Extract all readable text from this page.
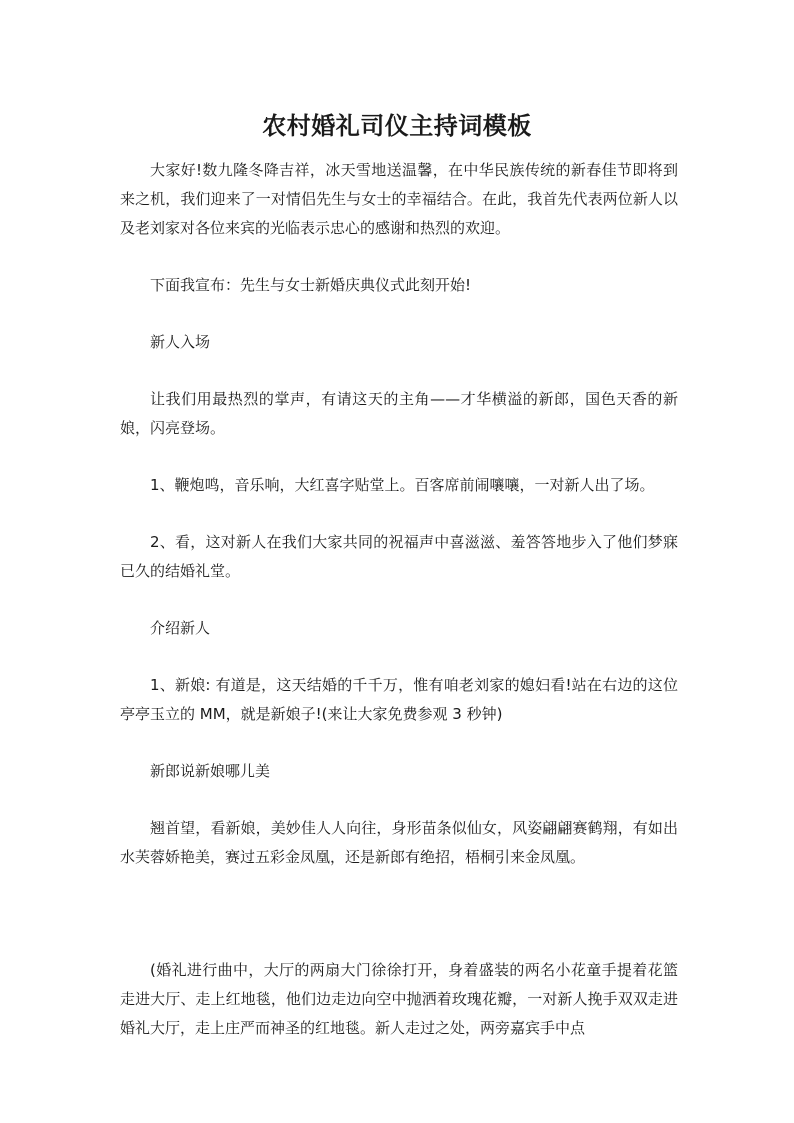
农村婚礼司仪主持词模板

大家好!数九隆冬降吉祥，冰天雪地送温馨，在中华民族传统的新春佳节即将到来之机，我们迎来了一对情侣先生与女士的幸福结合。在此，我首先代表两位新人以及老刘家对各位来宾的光临表示忠心的感谢和热烈的欢迎。

下面我宣布：先生与女士新婚庆典仪式此刻开始!

新人入场

让我们用最热烈的掌声，有请这天的主角——才华横溢的新郎，国色天香的新娘，闪亮登场。

1、鞭炮鸣，音乐响，大红喜字贴堂上。百客席前闹嚷嚷，一对新人出了场。

2、看，这对新人在我们大家共同的祝福声中喜滋滋、羞答答地步入了他们梦寐已久的结婚礼堂。

介绍新人

1、新娘: 有道是，这天结婚的千千万，惟有咱老刘家的媳妇看!站在右边的这位亭亭玉立的 MM，就是新娘子!(来让大家免费参观 3 秒钟)

新郎说新娘哪儿美

翘首望，看新娘，美妙佳人人向往，身形苗条似仙女，风姿翩翩赛鹤翔，有如出水芙蓉娇艳美，赛过五彩金凤凰，还是新郎有绝招，梧桐引来金凤凰。

(婚礼进行曲中，大厅的两扇大门徐徐打开，身着盛装的两名小花童手提着花篮走进大厅、走上红地毯，他们边走边向空中抛洒着玫瑰花瓣，一对新人挽手双双走进婚礼大厅，走上庄严而神圣的红地毯。新人走过之处，两旁嘉宾手中点
